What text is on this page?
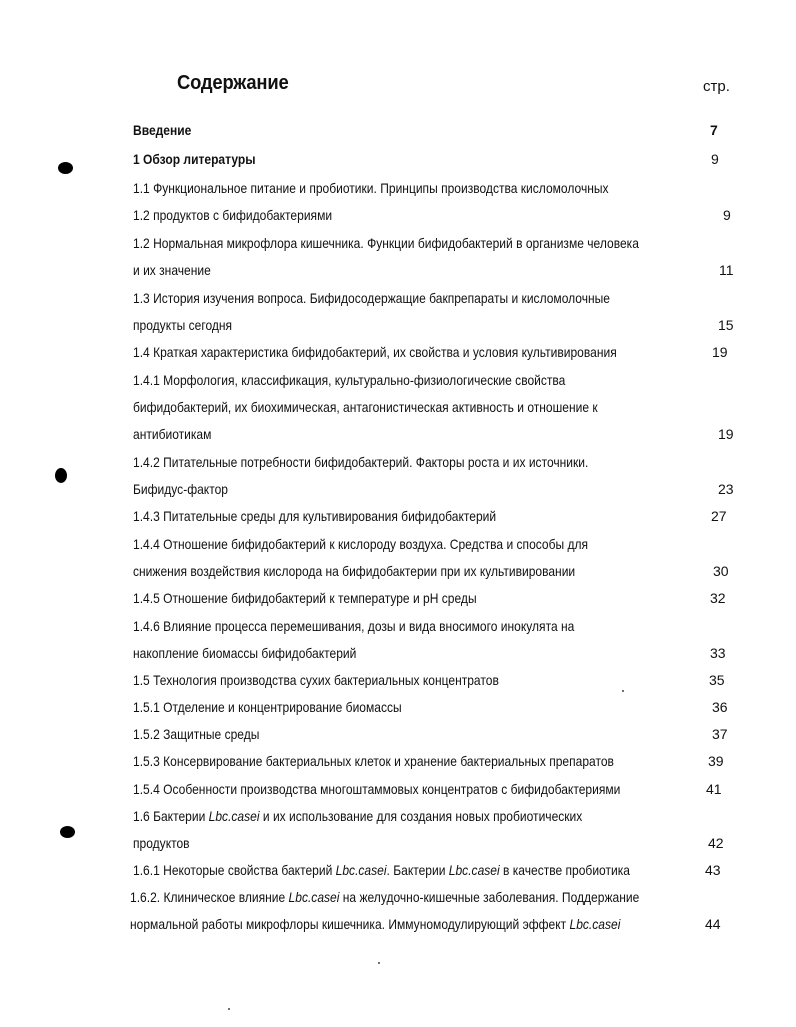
Содержание	стр.
Введение	7
1 Обзор литературы	9
1.1 Функциональное питание и пробиотики. Принципы производства кисломолочных
1.2 продуктов с бифидобактериями	9
1.2 Нормальная микрофлора кишечника. Функции бифидобактерий в организме человека
и их значение	11
1.3 История изучения вопроса. Бифидосодержащие бакпрепараты и кисломолочные
продукты сегодня	15
1.4 Краткая характеристика бифидобактерий, их свойства и условия культивирования	19
1.4.1 Морфология, классификация, культурально-физиологические свойства
бифидобактерий, их биохимическая, антагонистическая активность и отношение к
антибиотикам	19
1.4.2 Питательные потребности бифидобактерий. Факторы роста и их источники.
Бифидус-фактор	23
1.4.3 Питательные среды для культивирования бифидобактерий	27
1.4.4 Отношение бифидобактерий к кислороду воздуха. Средства и способы для
снижения воздействия кислорода на бифидобактерии при их культивировании	30
1.4.5 Отношение бифидобактерий к температуре и pH среды	32
1.4.6 Влияние процесса перемешивания, дозы и вида вносимого инокулята на
накопление биомассы бифидобактерий	33
1.5 Технология производства сухих бактериальных концентратов	35
1.5.1 Отделение и концентрирование биомассы	36
1.5.2 Защитные среды	37
1.5.3 Консервирование бактериальных клеток и хранение бактериальных препаратов	39
1.5.4 Особенности производства многоштаммовых концентратов с бифидобактериями	41
1.6 Бактерии Lbc.casei и их использование для создания новых пробиотических
продуктов	42
1.6.1 Некоторые свойства бактерий Lbc.casei. Бактерии Lbc.casei в качестве пробиотика	43
1.6.2. Клиническое влияние Lbc.casei на желудочно-кишечные заболевания. Поддержание
нормальной работы микрофлоры кишечника. Иммуномодулирующий эффект Lbc.casei	44
